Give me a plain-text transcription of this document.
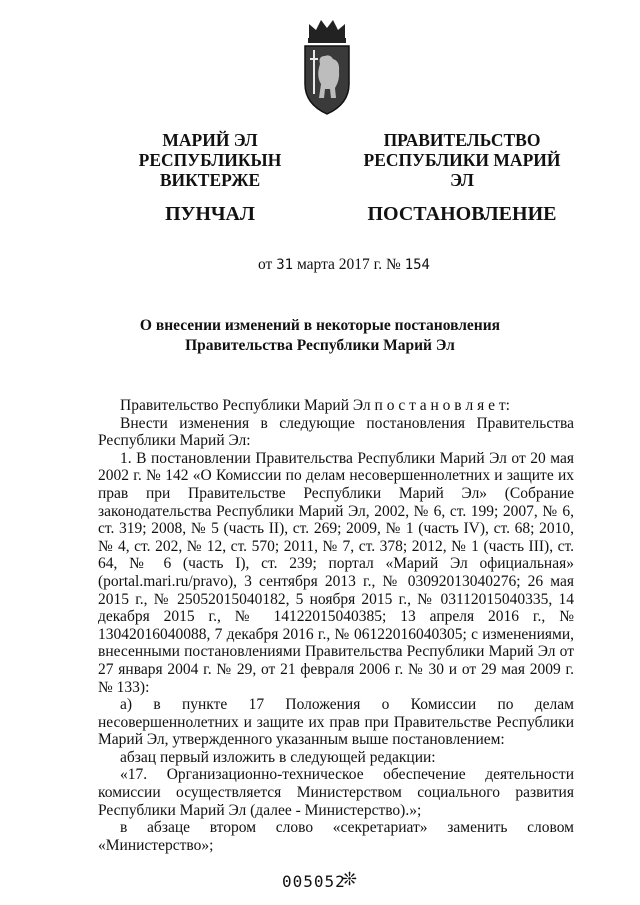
МАРИЙ ЭЛ РЕСПУБЛИКЫН
ВИКТЕРЖЕ
ПУНЧАЛ
ПРАВИТЕЛЬСТВО
РЕСПУБЛИКИ МАРИЙ ЭЛ
ПОСТАНОВЛЕНИЕ
от 31 марта 2017 г. № 154
О внесении изменений в некоторые постановления
Правительства Республики Марий Эл

Правительство Республики Марий Эл п о с т а н о в л я е т:

Внести изменения в следующие постановления Правительства Республики Марий Эл:

1. В постановлении Правительства Республики Марий Эл от 20 мая 2002 г. № 142 «О Комиссии по делам несовершеннолетних и защите их прав при Правительстве Республики Марий Эл» (Собрание законодательства Республики Марий Эл, 2002, № 6, ст. 199; 2007, № 6, ст. 319; 2008, № 5 (часть II), ст. 269; 2009, № 1 (часть IV), ст. 68; 2010, № 4, ст. 202, № 12, ст. 570; 2011, № 7, ст. 378; 2012, № 1 (часть III), ст. 64, № 6 (часть I), ст. 239; портал «Марий Эл официальная» (portal.mari.ru/pravo), 3 сентября 2013 г., № 03092013040276; 26 мая 2015 г., № 25052015040182, 5 ноября 2015 г., № 03112015040335, 14 декабря 2015 г., № 14122015040385; 13 апреля 2016 г., № 13042016040088, 7 декабря 2016 г., № 06122016040305; с изменениями, внесенными постановлениями Правительства Республики Марий Эл от 27 января 2004 г. № 29, от 21 февраля 2006 г. № 30 и от 29 мая 2009 г. № 133):

а) в пункте 17 Положения о Комиссии по делам несовершеннолетних и защите их прав при Правительстве Республики Марий Эл, утвержденного указанным выше постановлением:

абзац первый изложить в следующей редакции:

«17. Организационно-техническое обеспечение деятельности комиссии осуществляется Министерством социального развития Республики Марий Эл (далее - Министерство).»;

в абзаце втором слово «секретариат» заменить словом «Министерство»;

005052
❊
